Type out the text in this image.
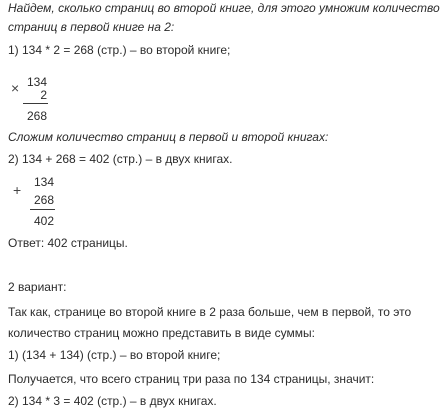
Найдем, сколько страниц во второй книге, для этого умножим количество
страниц в первой книге на 2:
1) 134 * 2 = 268 (стр.) – во второй книге;
× 134
2
268
Сложим количество страниц в первой и второй книгах:
2) 134 + 268 = 402 (стр.) – в двух книгах.
+	134
268
402
Ответ: 402 страницы.
2 вариант:
Так как, странице во второй книге в 2 раза больше, чем в первой, то это
количество страниц можно представить в виде суммы:
1) (134 + 134) (стр.) – во второй книге;
Получается, что всего страниц три раза по 134 страницы, значит:
2) 134 * 3 = 402 (стр.) – в двух книгах.
